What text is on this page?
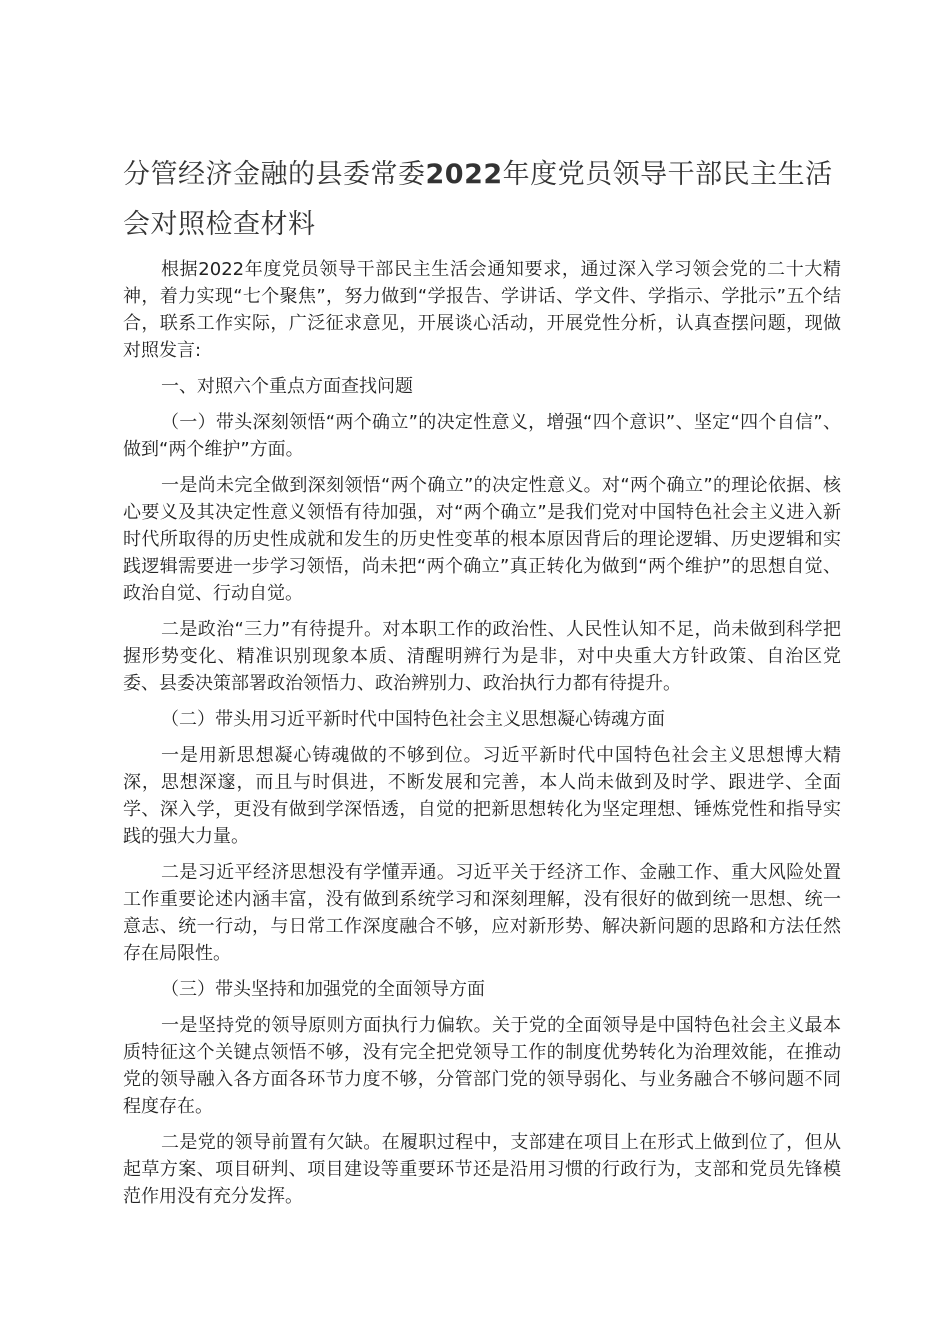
分管经济金融的县委常委2022年度党员领导干部民主生活会对照检查材料

根据2022年度党员领导干部民主生活会通知要求，通过深入学习领会党的二十大精神，着力实现“七个聚焦”，努力做到“学报告、学讲话、学文件、学指示、学批示”五个结合，联系工作实际，广泛征求意见，开展谈心活动，开展党性分析，认真查摆问题，现做对照发言:

一、对照六个重点方面查找问题

（一）带头深刻领悟“两个确立”的决定性意义，增强“四个意识”、坚定“四个自信”、做到“两个维护”方面。

一是尚未完全做到深刻领悟“两个确立”的决定性意义。对“两个确立”的理论依据、核心要义及其决定性意义领悟有待加强，对“两个确立”是我们党对中国特色社会主义进入新时代所取得的历史性成就和发生的历史性变革的根本原因背后的理论逻辑、历史逻辑和实践逻辑需要进一步学习领悟，尚未把“两个确立”真正转化为做到“两个维护”的思想自觉、政治自觉、行动自觉。

二是政治“三力”有待提升。对本职工作的政治性、人民性认知不足，尚未做到科学把握形势变化、精准识别现象本质、清醒明辨行为是非，对中央重大方针政策、自治区党委、县委决策部署政治领悟力、政治辨别力、政治执行力都有待提升。

（二）带头用习近平新时代中国特色社会主义思想凝心铸魂方面

一是用新思想凝心铸魂做的不够到位。习近平新时代中国特色社会主义思想博大精深，思想深邃，而且与时俱进，不断发展和完善，本人尚未做到及时学、跟进学、全面学、深入学，更没有做到学深悟透，自觉的把新思想转化为坚定理想、锤炼党性和指导实践的强大力量。

二是习近平经济思想没有学懂弄通。习近平关于经济工作、金融工作、重大风险处置工作重要论述内涵丰富，没有做到系统学习和深刻理解，没有很好的做到统一思想、统一意志、统一行动，与日常工作深度融合不够，应对新形势、解决新问题的思路和方法任然存在局限性。

（三）带头坚持和加强党的全面领导方面

一是坚持党的领导原则方面执行力偏软。关于党的全面领导是中国特色社会主义最本质特征这个关键点领悟不够，没有完全把党领导工作的制度优势转化为治理效能，在推动党的领导融入各方面各环节力度不够，分管部门党的领导弱化、与业务融合不够问题不同程度存在。

二是党的领导前置有欠缺。在履职过程中，支部建在项目上在形式上做到位了，但从起草方案、项目研判、项目建设等重要环节还是沿用习惯的行政行为，支部和党员先锋模范作用没有充分发挥。
